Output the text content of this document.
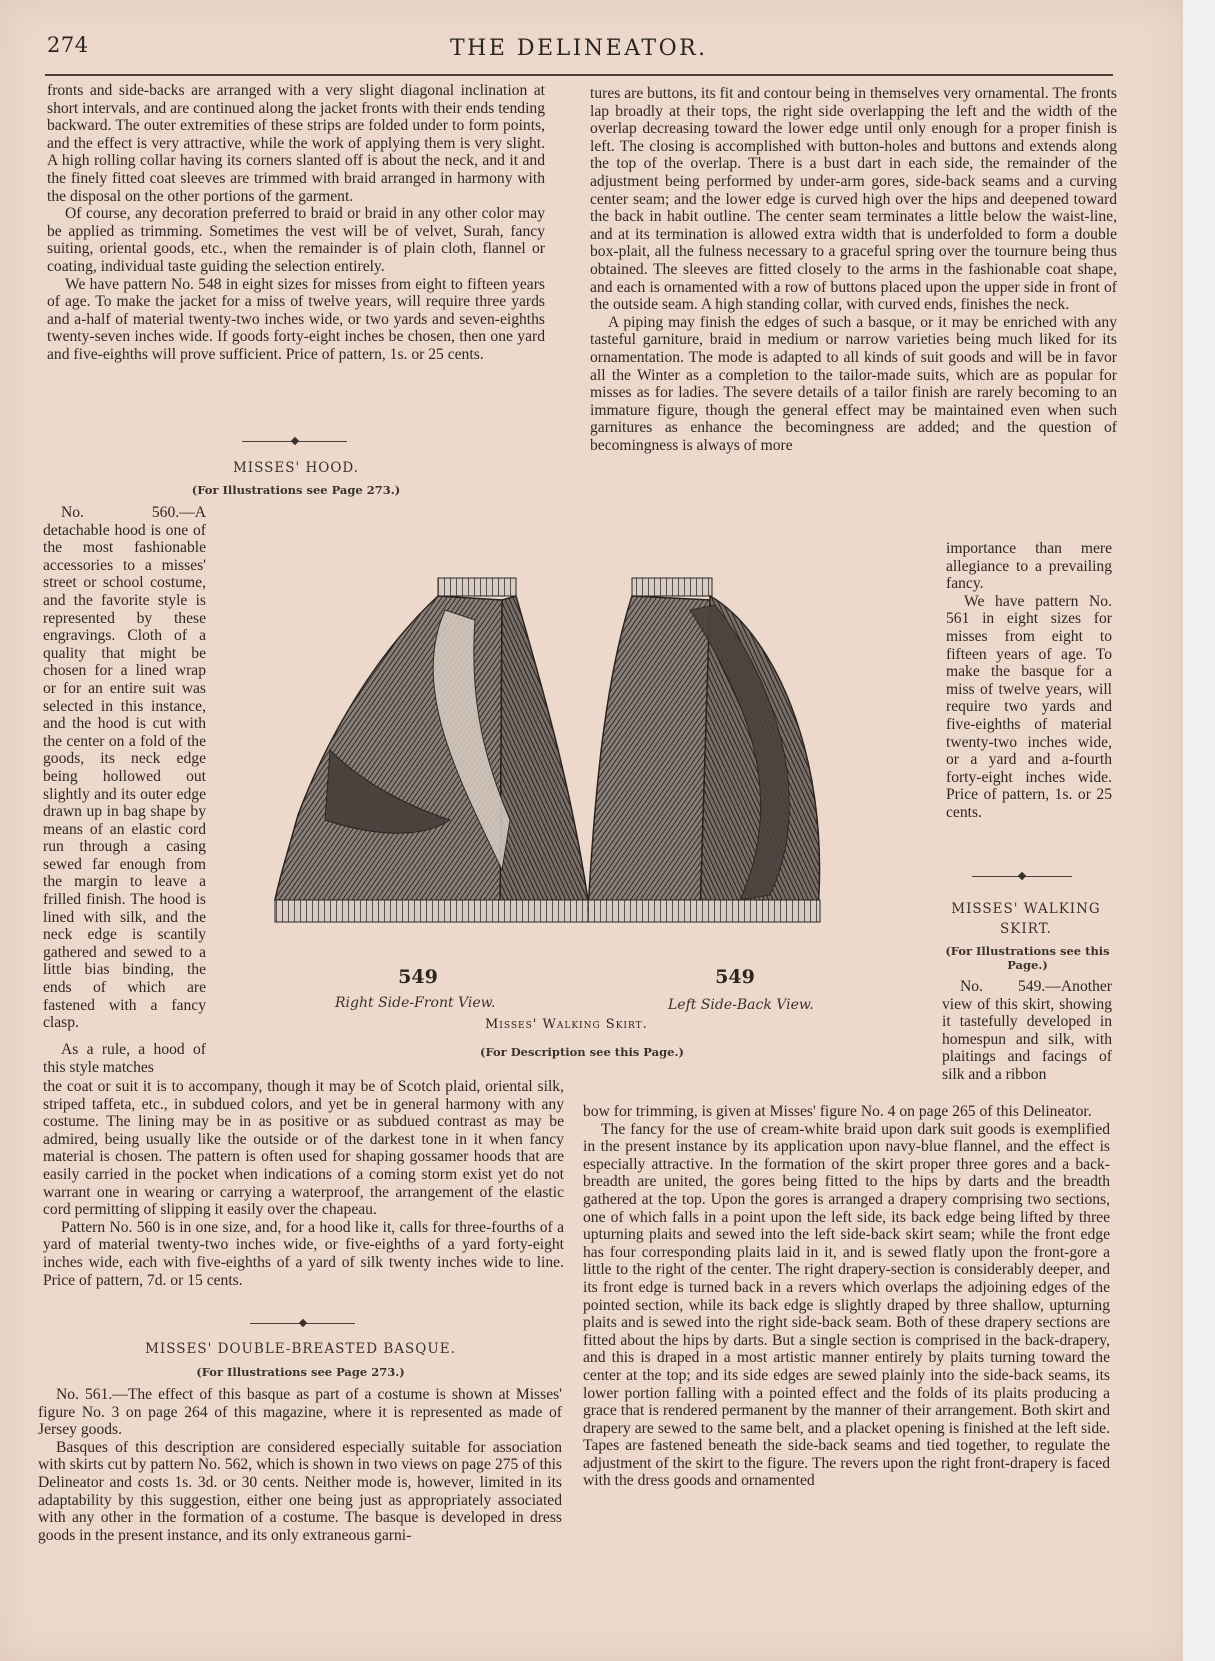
274	THE DELINEATOR.

fronts and side-backs are arranged with a very slight diagonal inclination at short intervals, and are continued along the jacket fronts with their ends tending backward. The outer extremities of these strips are folded under to form points, and the effect is very attractive, while the work of applying them is very slight. A high rolling collar having its corners slanted off is about the neck, and it and the finely fitted coat sleeves are trimmed with braid arranged in harmony with the disposal on the other portions of the garment.

Of course, any decoration preferred to braid or braid in any other color may be applied as trimming. Sometimes the vest will be of velvet, Surah, fancy suiting, oriental goods, etc., when the remainder is of plain cloth, flannel or coating, individual taste guiding the selection entirely.

We have pattern No. 548 in eight sizes for misses from eight to fifteen years of age. To make the jacket for a miss of twelve years, will require three yards and a-half of material twenty-two inches wide, or two yards and seven-eighths twenty-seven inches wide. If goods forty-eight inches be chosen, then one yard and five-eighths will prove sufficient. Price of pattern, 1s. or 25 cents.

MISSES' HOOD.
(For Illustrations see Page 273.)
No. 560.—A detachable hood is one of the most fashionable accessories to a misses' street or school costume, and the favorite style is represented by these engravings. Cloth of a quality that might be chosen for a lined wrap or for an entire suit was selected in this instance, and the hood is cut with the center on a fold of the goods, its neck edge being hollowed out slightly and its outer edge drawn up in bag shape by means of an elastic cord run through a casing sewed far enough from the margin to leave a frilled finish. The hood is lined with silk, and the neck edge is scantily gathered and sewed to a little bias binding, the ends of which are fastened with a fancy clasp.
As a rule, a hood of this style matches

the coat or suit it is to accompany, though it may be of Scotch plaid, oriental silk, striped taffeta, etc., in subdued colors, and yet be in general harmony with any costume. The lining may be in as positive or as subdued contrast as may be admired, being usually like the outside or of the darkest tone in it when fancy material is chosen. The pattern is often used for shaping gossamer hoods that are easily carried in the pocket when indications of a coming storm exist yet do not warrant one in wearing or carrying a waterproof, the arrangement of the elastic cord permitting of slipping it easily over the chapeau.

Pattern No. 560 is in one size, and, for a hood like it, calls for three-fourths of a yard of material twenty-two inches wide, or five-eighths of a yard forty-eight inches wide, each with five-eighths of a yard of silk twenty inches wide to line. Price of pattern, 7d. or 15 cents.

MISSES' DOUBLE-BREASTED BASQUE.
(For Illustrations see Page 273.)

No. 561.—The effect of this basque as part of a costume is shown at Misses' figure No. 3 on page 264 of this magazine, where it is represented as made of Jersey goods.

Basques of this description are considered especially suitable for association with skirts cut by pattern No. 562, which is shown in two views on page 275 of this Delineator and costs 1s. 3d. or 30 cents. Neither mode is, however, limited in its adaptability by this suggestion, either one being just as appropriately associated with any other in the formation of a costume. The basque is developed in dress goods in the present instance, and its only extraneous garni-

tures are buttons, its fit and contour being in themselves very ornamental. The fronts lap broadly at their tops, the right side overlapping the left and the width of the overlap decreasing toward the lower edge until only enough for a proper finish is left. The closing is accomplished with button-holes and buttons and extends along the top of the overlap. There is a bust dart in each side, the remainder of the adjustment being performed by under-arm gores, side-back seams and a curving center seam; and the lower edge is curved high over the hips and deepened toward the back in habit outline. The center seam terminates a little below the waist-line, and at its termination is allowed extra width that is underfolded to form a double box-plait, all the fulness necessary to a graceful spring over the tournure being thus obtained. The sleeves are fitted closely to the arms in the fashionable coat shape, and each is ornamented with a row of buttons placed upon the upper side in front of the outside seam. A high standing collar, with curved ends, finishes the neck.

A piping may finish the edges of such a basque, or it may be enriched with any tasteful garniture, braid in medium or narrow varieties being much liked for its ornamentation. The mode is adapted to all kinds of suit goods and will be in favor all the Winter as a completion to the tailor-made suits, which are as popular for misses as for ladies. The severe details of a tailor finish are rarely becoming to an immature figure, though the general effect may be maintained even when such garnitures as enhance the becomingness are added; and the question of becomingness is always of more

importance than mere allegiance to a prevailing fancy.

We have pattern No. 561 in eight sizes for misses from eight to fifteen years of age. To make the basque for a miss of twelve years, will require two yards and five-eighths of material twenty-two inches wide, or a yard and a-fourth forty-eight inches wide. Price of pattern, 1s. or 25 cents.

MISSES' WALKING
SKIRT.
(For Illustrations see this Page.)
No. 549.—Another view of this skirt, showing it tastefully developed in homespun and silk, with plaitings and facings of silk and a ribbon

bow for trimming, is given at Misses' figure No. 4 on page 265 of this Delineator.

The fancy for the use of cream-white braid upon dark suit goods is exemplified in the present instance by its application upon navy-blue flannel, and the effect is especially attractive. In the formation of the skirt proper three gores and a back-breadth are united, the gores being fitted to the hips by darts and the breadth gathered at the top. Upon the gores is arranged a drapery comprising two sections, one of which falls in a point upon the left side, its back edge being lifted by three upturning plaits and sewed into the left side-back skirt seam; while the front edge has four corresponding plaits laid in it, and is sewed flatly upon the front-gore a little to the right of the center. The right drapery-section is considerably deeper, and its front edge is turned back in a revers which overlaps the adjoining edges of the pointed section, while its back edge is slightly draped by three shallow, upturning plaits and is sewed into the right side-back seam. Both of these drapery sections are fitted about the hips by darts. But a single section is comprised in the back-drapery, and this is draped in a most artistic manner entirely by plaits turning toward the center at the top; and its side edges are sewed plainly into the side-back seams, its lower portion falling with a pointed effect and the folds of its plaits producing a grace that is rendered permanent by the manner of their arrangement. Both skirt and drapery are sewed to the same belt, and a placket opening is finished at the left side. Tapes are fastened beneath the side-back seams and tied together, to regulate the adjustment of the skirt to the figure. The revers upon the right front-drapery is faced with the dress goods and ornamented

549	549
Right Side-Front View.	Left Side-Back View.
Misses' Walking Skirt.
(For Description see this Page.)
